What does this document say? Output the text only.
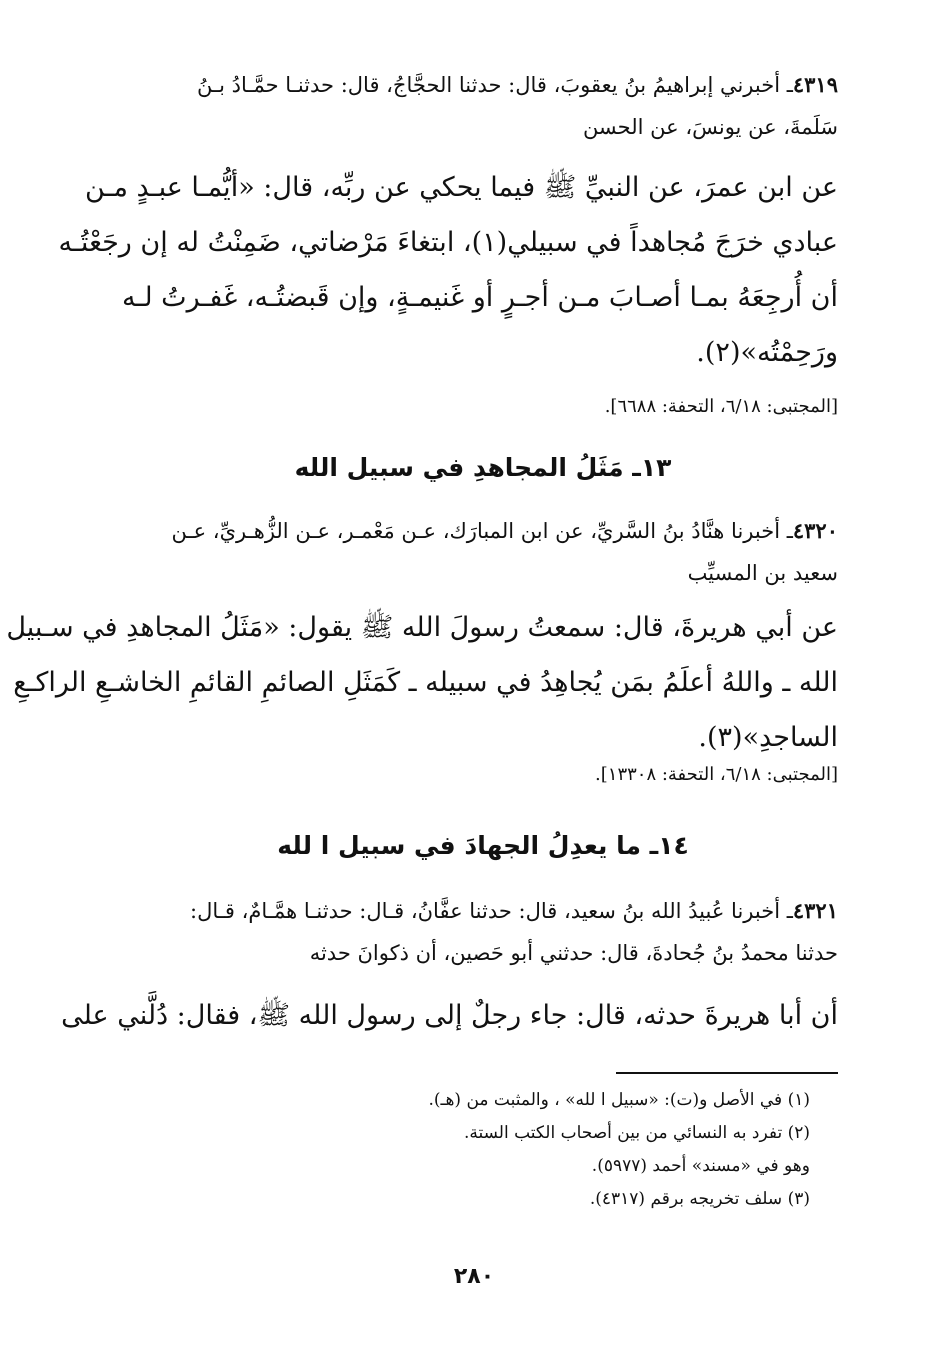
٤٣١٩ـ أخبرني إبراهيمُ بنُ يعقوبَ، قال: حدثنا الحجَّاجُ، قال: حدثنـا حمَّـادُ بـنُ
سَلَمةَ، عن يونسَ، عن الحسن
عن ابن عمرَ، عن النبيِّ ﷺ فيما يحكي عن ربِّه، قال: «أيُّمـا عبـدٍ مـن
عبادي خرَجَ مُجاهداً في سبيلي(١)، ابتغاءَ مَرْضاتي، ضَمِنْتُ له إن رجَعْتُـه
أن أُرجِعَهُ بمـا أصـابَ مـن أجـرٍ أو غَنيمـةٍ، وإن قَبضتُـه، غَفـرتُ لـه
ورَحِمْتُه»(٢).
[المجتبى: ٦/١٨، التحفة: ٦٦٨٨].
١٣ـ مَثَلُ المجاهدِ في سبيل الله
٤٣٢٠ـ أخبرنا هنَّادُ بنُ السَّريِّ، عن ابن المبارَك، عـن مَعْمـر، عـن الزُّهـريِّ، عـن
سعيد بن المسيِّب
عن أبي هريرةَ، قال: سمعتُ رسولَ الله ﷺ يقول: «مَثَلُ المجاهدِ في سـبيل
الله ـ واللهُ أعلَمُ بمَن يُجاهِدُ في سبيله ـ كَمَثَلِ الصائمِ القائمِ الخاشـعِ الراكـعِ
الساجدِ»(٣).
[المجتبى: ٦/١٨، التحفة: ١٣٣٠٨].
١٤ـ ما يعدِلُ الجهادَ في سبيل ا لله
٤٣٢١ـ أخبرنا عُبيدُ الله بنُ سعيد، قال: حدثنا عفَّانُ، قـال: حدثنـا همَّـامٌ، قـال:
حدثنا محمدُ بنُ جُحادةَ، قال: حدثني أبو حَصين، أن ذكوانَ حدثه
أن أبا هريرةَ حدثه، قال: جاء رجلٌ إلى رسول الله ﷺ، فقال: دُلَّني على
(١) في الأصل و(ت): «سبيل ا لله» ، والمثبت من (هـ).
(٢) تفرد به النسائي من بين أصحاب الكتب الستة.
وهو في «مسند» أحمد (٥٩٧٧).
(٣) سلف تخريجه برقم (٤٣١٧).
٢٨٠
